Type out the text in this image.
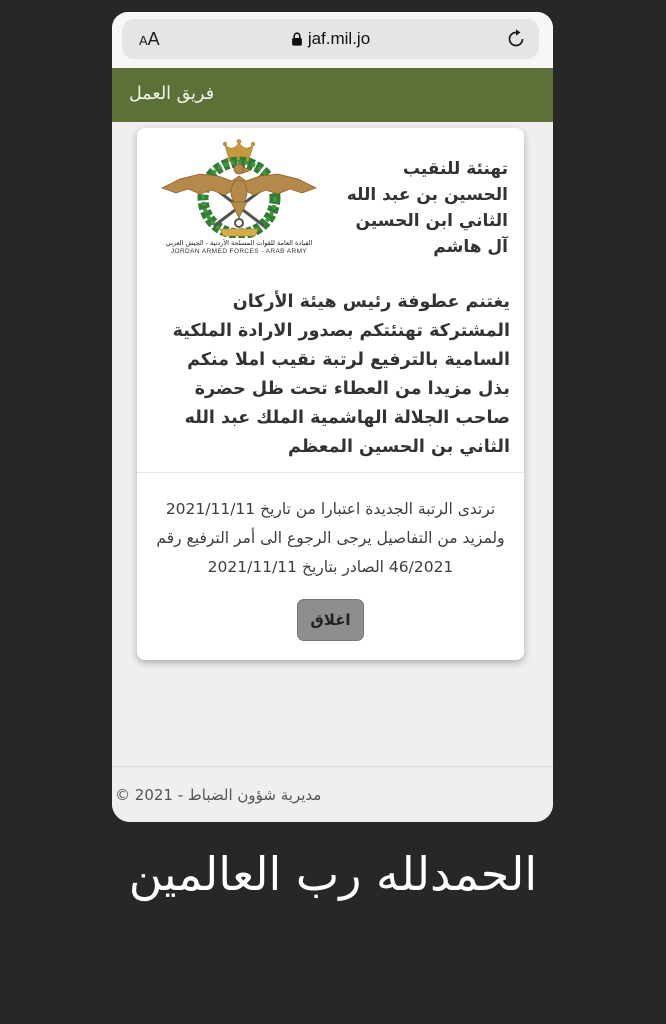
A A	jaf.mil.jo
فريق العمل
القيادة العامة للقوات المسلحة الأردنية - الجيش العربي
JORDAN ARMED FORCES - ARAB ARMY
تهنئة للنقيب
الحسين بن عبد الله الثاني ابن الحسين آل هاشم
يغتنم عطوفة رئيس هيئة الأركان المشتركة تهنئتكم بصدور الارادة الملكية السامية بالترفيع لرتبة نقيب املا منكم بذل مزيدا من العطاء تحت ظل حضرة صاحب الجلالة الهاشمية الملك عبد الله الثاني بن الحسين المعظم
ترتدى الرتبة الجديدة اعتبارا من تاريخ 2021/11/11 ولمزيد من التفاصيل يرجى الرجوع الى أمر الترفيع رقم 46/2021 الصادر بتاريخ 2021/11/11
اغلاق
مديرية شؤون الضباط - 2021 ©
الحمدلله رب العالمين
